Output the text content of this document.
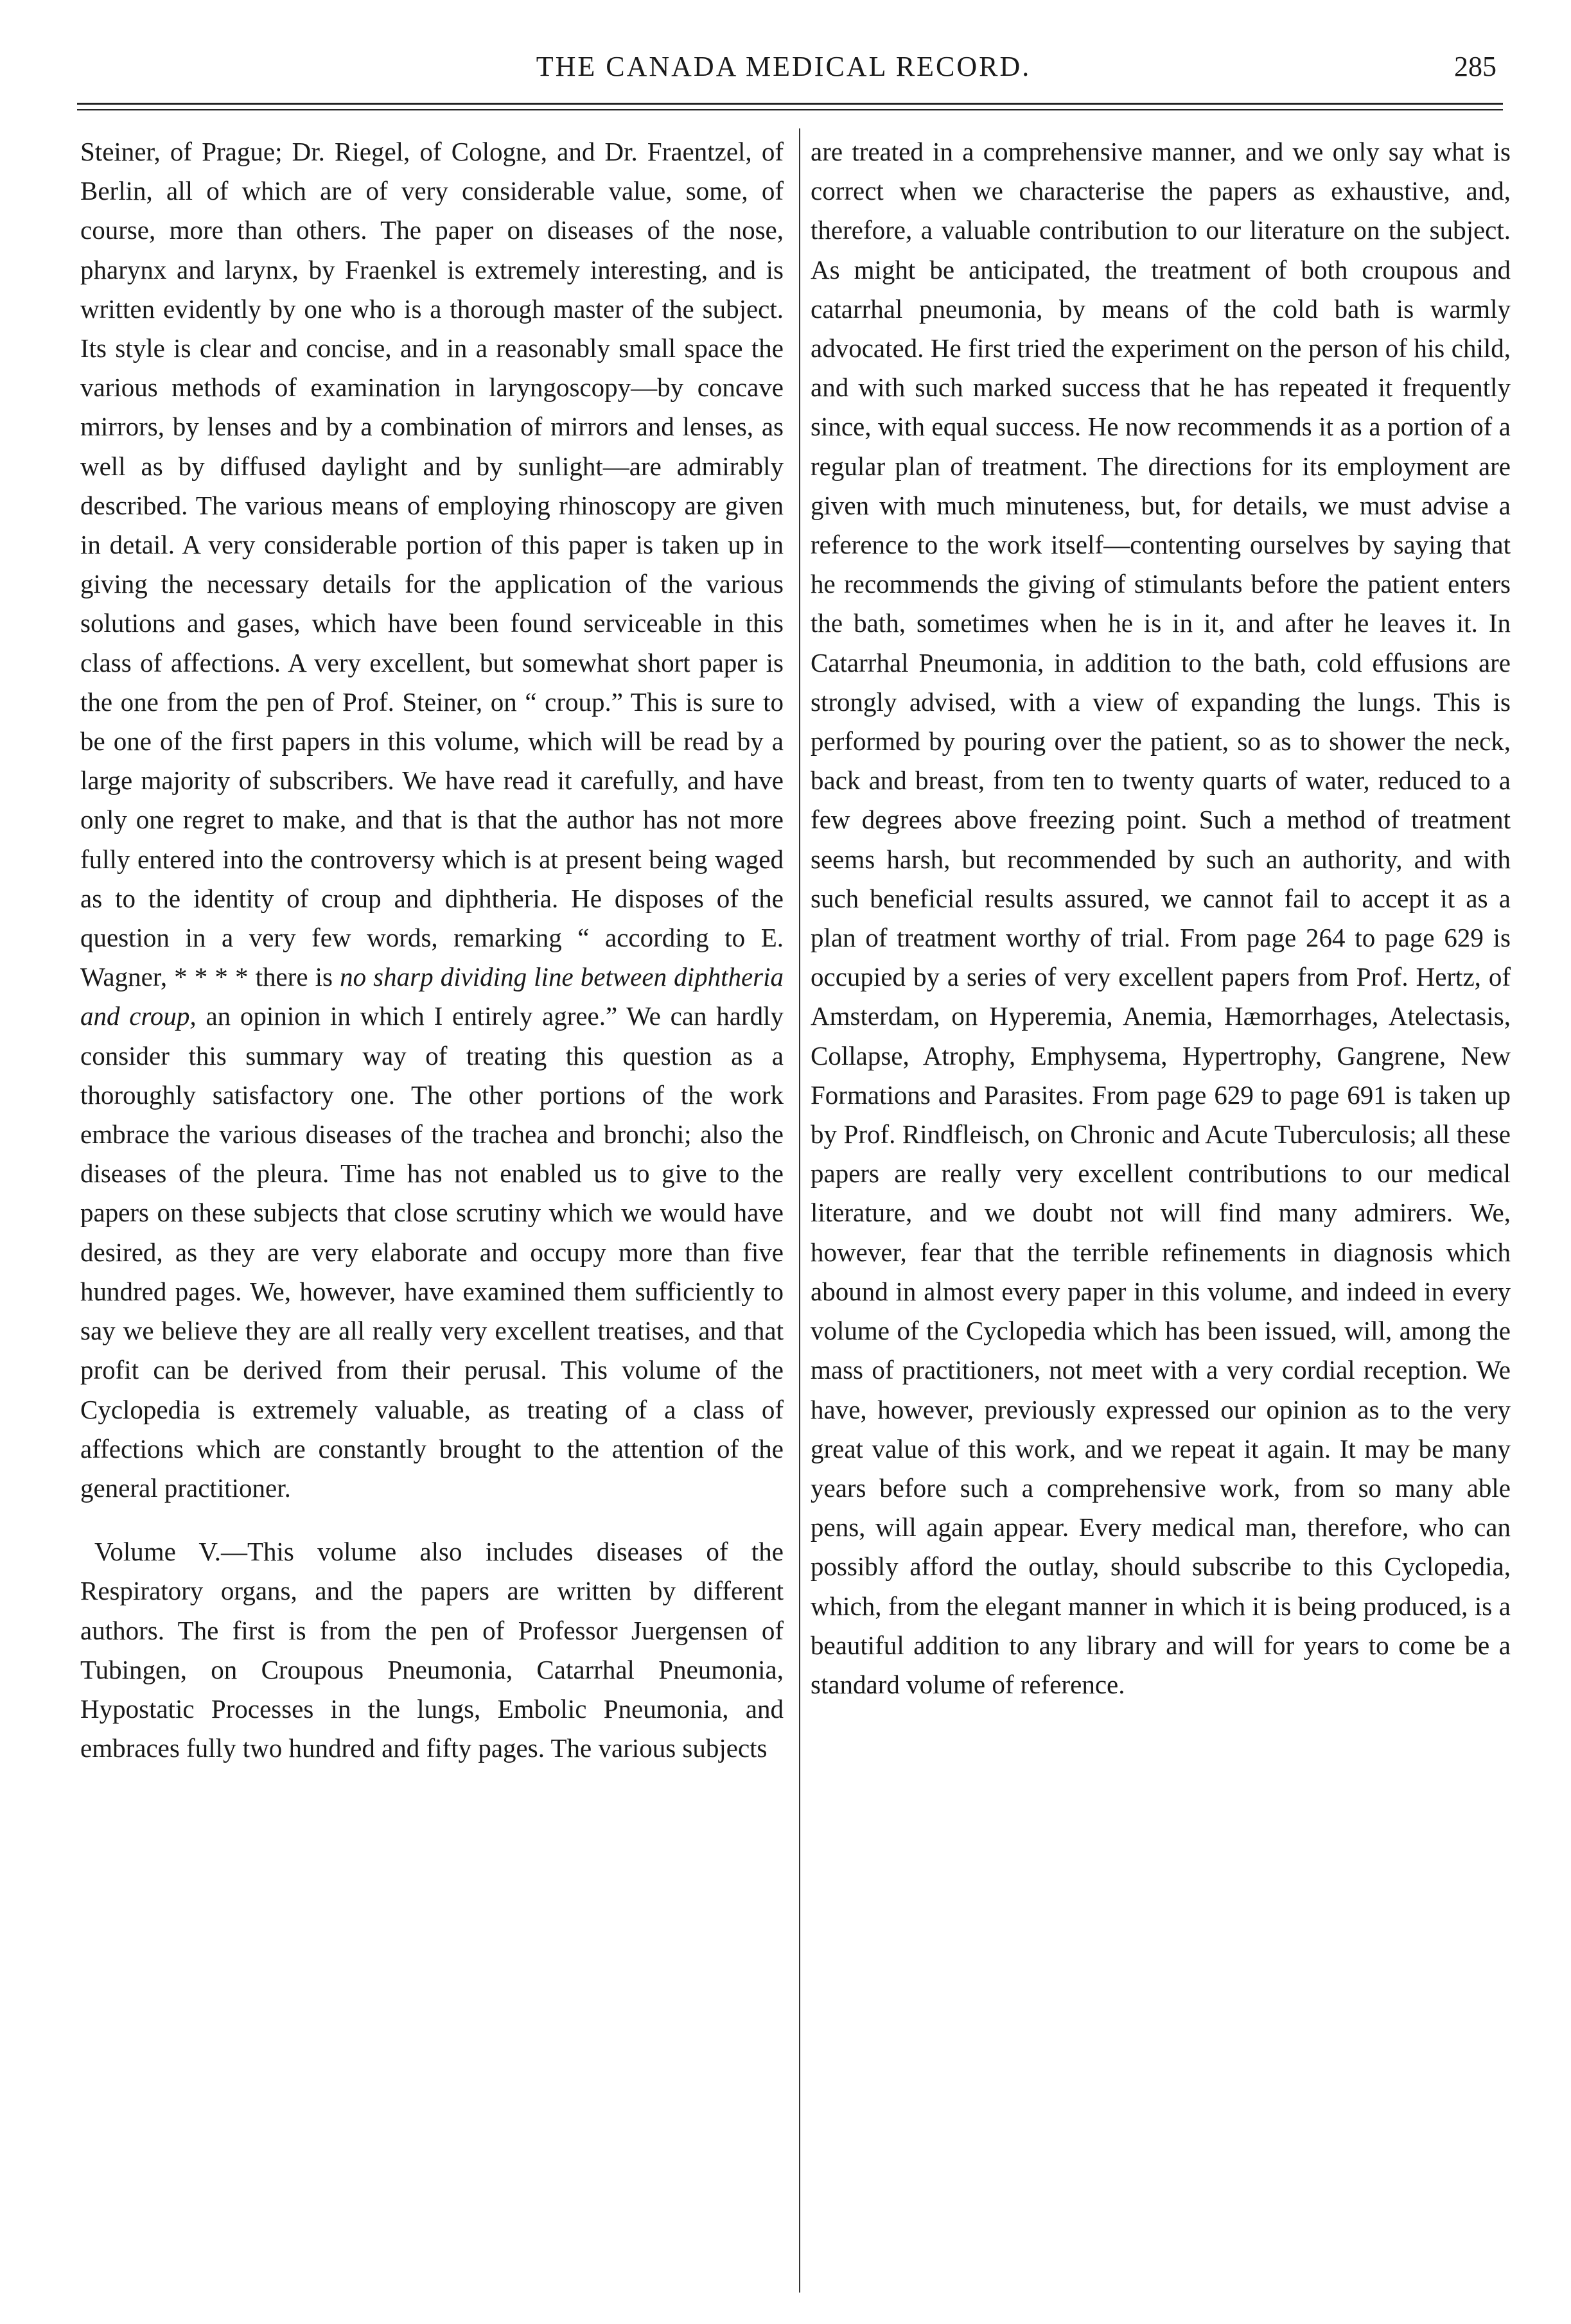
THE CANADA MEDICAL RECORD.	285

Steiner, of Prague; Dr. Riegel, of Cologne, and Dr. Fraentzel, of Berlin, all of which are of very considerable value, some, of course, more than others. The paper on diseases of the nose, pharynx and larynx, by Fraenkel is extremely interesting, and is written evidently by one who is a thorough master of the subject. Its style is clear and concise, and in a reasonably small space the various methods of examination in laryngoscopy—by concave mirrors, by lenses and by a combination of mirrors and lenses, as well as by diffused daylight and by sunlight—are admirably described. The various means of employing rhinoscopy are given in detail. A very considerable portion of this paper is taken up in giving the necessary details for the application of the various solutions and gases, which have been found serviceable in this class of affections. A very excellent, but somewhat short paper is the one from the pen of Prof. Steiner, on “ croup.” This is sure to be one of the first papers in this volume, which will be read by a large majority of subscribers. We have read it carefully, and have only one regret to make, and that is that the author has not more fully entered into the controversy which is at present being waged as to the identity of croup and diphtheria. He disposes of the question in a very few words, remarking “ according to E. Wagner, * * * * there is no sharp dividing line between diphtheria and croup, an opinion in which I entirely agree.” We can hardly consider this summary way of treating this question as a thoroughly satisfactory one. The other portions of the work embrace the various diseases of the trachea and bronchi; also the diseases of the pleura. Time has not enabled us to give to the papers on these subjects that close scrutiny which we would have desired, as they are very elaborate and occupy more than five hundred pages. We, however, have examined them sufficiently to say we believe they are all really very excellent treatises, and that profit can be derived from their perusal. This volume of the Cyclopedia is extremely valuable, as treating of a class of affections which are constantly brought to the attention of the general practitioner.

Volume V.—This volume also includes diseases of the Respiratory organs, and the papers are written by different authors. The first is from the pen of Professor Juergensen of Tubingen, on Croupous Pneumonia, Catarrhal Pneumonia, Hypostatic Processes in the lungs, Embolic Pneumonia, and embraces fully two hundred and fifty pages. The various subjects

are treated in a comprehensive manner, and we only say what is correct when we characterise the papers as exhaustive, and, therefore, a valuable contribution to our literature on the subject. As might be anticipated, the treatment of both croupous and catarrhal pneumonia, by means of the cold bath is warmly advocated. He first tried the experiment on the person of his child, and with such marked success that he has repeated it frequently since, with equal success. He now recommends it as a portion of a regular plan of treatment. The directions for its employment are given with much minuteness, but, for details, we must advise a reference to the work itself—contenting ourselves by saying that he recommends the giving of stimulants before the patient enters the bath, sometimes when he is in it, and after he leaves it. In Catarrhal Pneumonia, in addition to the bath, cold effusions are strongly advised, with a view of expanding the lungs. This is performed by pouring over the patient, so as to shower the neck, back and breast, from ten to twenty quarts of water, reduced to a few degrees above freezing point. Such a method of treatment seems harsh, but recommended by such an authority, and with such beneficial results assured, we cannot fail to accept it as a plan of treatment worthy of trial. From page 264 to page 629 is occupied by a series of very excellent papers from Prof. Hertz, of Amsterdam, on Hyperemia, Anemia, Hæmorrhages, Atelectasis, Collapse, Atrophy, Emphysema, Hypertrophy, Gangrene, New Formations and Parasites. From page 629 to page 691 is taken up by Prof. Rindfleisch, on Chronic and Acute Tuberculosis; all these papers are really very excellent contributions to our medical literature, and we doubt not will find many admirers. We, however, fear that the terrible refinements in diagnosis which abound in almost every paper in this volume, and indeed in every volume of the Cyclopedia which has been issued, will, among the mass of practitioners, not meet with a very cordial reception. We have, however, previously expressed our opinion as to the very great value of this work, and we repeat it again. It may be many years before such a comprehensive work, from so many able pens, will again appear. Every medical man, therefore, who can possibly afford the outlay, should subscribe to this Cyclopedia, which, from the elegant manner in which it is being produced, is a beautiful addition to any library and will for years to come be a standard volume of reference.
